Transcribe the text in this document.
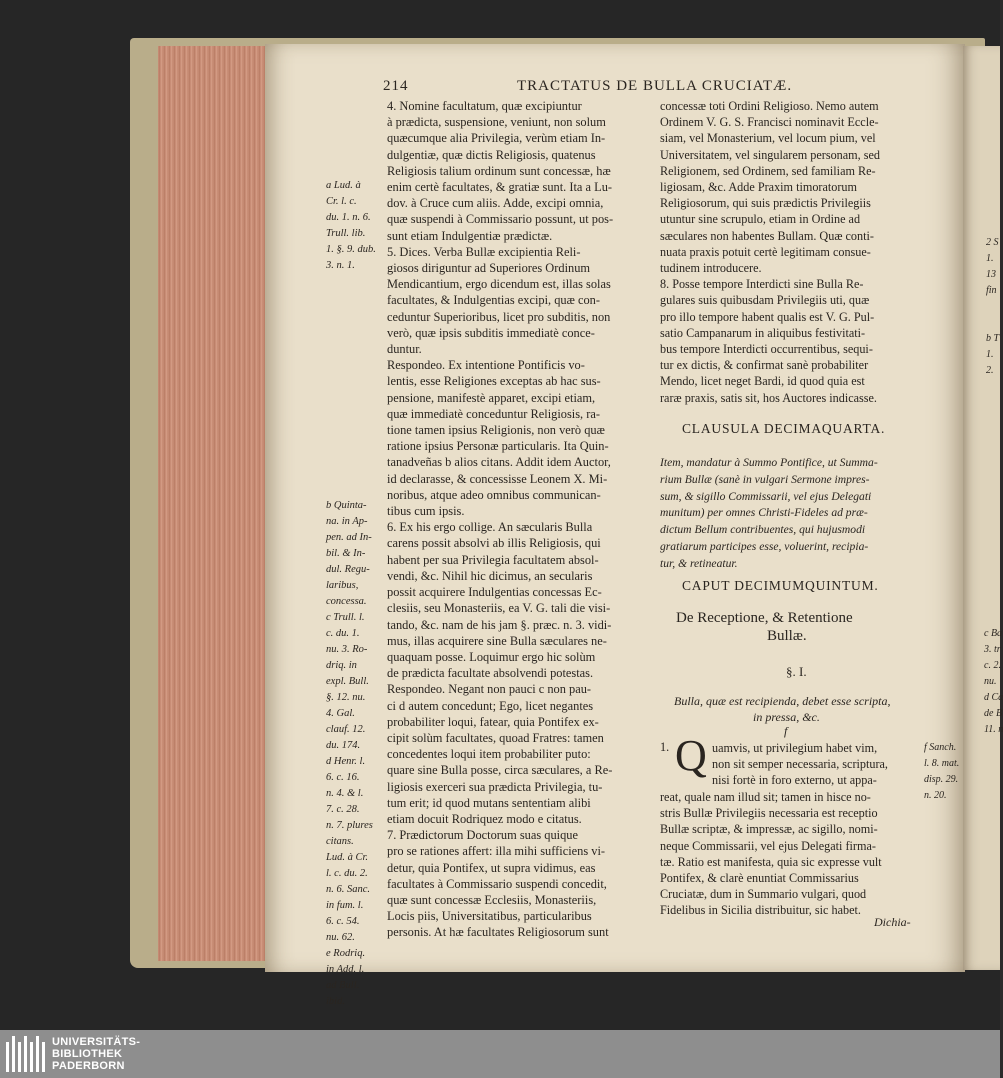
214	TRACTATUS DE BULLA CRUCIATÆ.
a Lud. à
Cr. l. c.
du. 1. n. 6.
Trull. lib.
1. §. 9. dub.
3. n. 1.
b Quinta-
na. in Ap-
pen. ad In-
bil. & In-
dul. Regu-
laribus,
concessa.
c Trull. l.
c. du. 1.
nu. 3. Ro-
driq. in
expl. Bull.
§. 12. nu.
4. Gal.
clauf. 12.
du. 174.
d Henr. l.
6. c. 16.
n. 4. & l.
7. c. 28.
n. 7. plures
citans.
Lud. à Cr.
l. c. du. 2.
n. 6. Sanc.
in fum. l.
6. c. 54.
nu. 62.
e Rodriq.
in Add. l.
ad Bull.
ibid.
4. Nomine facultatum, quæ excipiuntur
à prædicta, suspensione, veniunt, non solum
quæcumque alia Privilegia, verùm etiam In-
dulgentiæ, quæ dictis Religiosis, quatenus
Religiosis talium ordinum sunt concessæ, hæ
enim certè facultates, & gratiæ sunt. Ita a Lu-
dov. à Cruce cum aliis. Adde, excipi omnia,
quæ suspendi à Commissario possunt, ut pos-
sunt etiam Indulgentiæ prædictæ.
5. Dices. Verba Bullæ excipientia Reli-
giosos diriguntur ad Superiores Ordinum
Mendicantium, ergo dicendum est, illas solas
facultates, & Indulgentias excipi, quæ con-
ceduntur Superioribus, licet pro subditis, non
verò, quæ ipsis subditis immediatè conce-
duntur.
Respondeo. Ex intentione Pontificis vo-
lentis, esse Religiones exceptas ab hac sus-
pensione, manifestè apparet, excipi etiam,
quæ immediatè conceduntur Religiosis, ra-
tione tamen ipsius Religionis, non verò quæ
ratione ipsius Personæ particularis. Ita Quin-
tanadveñas b alios citans. Addit idem Auctor,
id declarasse, & concessisse Leonem X. Mi-
noribus, atque adeo omnibus communican-
tibus cum ipsis.
6. Ex his ergo collige. An sæcularis Bulla
carens possit absolvi ab illis Religiosis, qui
habent per sua Privilegia facultatem absol-
vendi, &c. Nihil hic dicimus, an secularis
possit acquirere Indulgentias concessas Ec-
clesiis, seu Monasteriis, ea V. G. tali die visi-
tando, &c. nam de his jam §. præc. n. 3. vidi-
mus, illas acquirere sine Bulla sæculares ne-
quaquam posse. Loquimur ergo hic solùm
de prædicta facultate absolvendi potestas.
Respondeo. Negant non pauci c non pau-
ci d autem concedunt; Ego, licet negantes
probabiliter loqui, fatear, quia Pontifex ex-
cipit solùm facultates, quoad Fratres: tamen
concedentes loqui item probabiliter puto:
quare sine Bulla posse, circa sæculares, a Re-
ligiosis exerceri sua prædicta Privilegia, tu-
tum erit; id quod mutans sententiam alibi
etiam docuit Rodriquez modo e citatus.
7. Prædictorum Doctorum suas quique
pro se rationes affert: illa mihi sufficiens vi-
detur, quia Pontifex, ut supra vidimus, eas
facultates à Commissario suspendi concedit,
quæ sunt concessæ Ecclesiis, Monasteriis,
Locis piis, Universitatibus, particularibus
personis. At hæ facultates Religiosorum sunt
concessæ toti Ordini Religioso. Nemo autem
Ordinem V. G. S. Francisci nominavit Eccle-
siam, vel Monasterium, vel locum pium, vel
Universitatem, vel singularem personam, sed
Religionem, sed Ordinem, sed familiam Re-
ligiosam, &c. Adde Praxim timoratorum
Religiosorum, qui suis prædictis Privilegiis
utuntur sine scrupulo, etiam in Ordine ad
sæculares non habentes Bullam. Quæ conti-
nuata praxis potuit certè legitimam consue-
tudinem introducere.
8. Posse tempore Interdicti sine Bulla Re-
gulares suis quibusdam Privilegiis uti, quæ
pro illo tempore habent qualis est V. G. Pul-
satio Campanarum in aliquibus festivitati-
bus tempore Interdicti occurrentibus, sequi-
tur ex dictis, & confirmat sanè probabiliter
Mendo, licet neget Bardi, id quod quia est
raræ praxis, satis sit, hos Auctores indicasse.
CLAUSULA DECIMAQUARTA.
Item, mandatur à Summo Pontifice, ut Summa-
rium Bullæ (sanè in vulgari Sermone impres-
sum, & sigillo Commissarii, vel ejus Delegati
munitum) per omnes Christi-Fideles ad præ-
dictum Bellum contribuentes, qui hujusmodi
gratiarum participes esse, voluerint, recipia-
tur, & retineatur.
CAPUT DECIMUMQUINTUM.
De Receptione, & Retentione
Bullæ.
§. I.
Bulla, quæ est recipienda, debet esse scripta,
in pressa, &c.
f
1. Q uamvis, ut privilegium habet vim,
non sit semper necessaria, scriptura,
nisi fortè in foro externo, ut appa-
reat, quale nam illud sit; tamen in hisce no-
stris Bullæ Privilegiis necessaria est receptio
Bullæ scriptæ, & impressæ, ac sigillo, nomi-
neque Commissarii, vel ejus Delegati firma-
tæ. Ratio est manifesta, quia sic expresse vult
Pontifex, & clarè enuntiat Commissarius
Cruciatæ, dum in Summario vulgari, quod
Fidelibus in Sicilia distribuitur, sic habet.
Dichia-
f Sanch.
l. 8. mat.
disp. 29.
n. 20.
2 S
1.
13
fin
b T
1.
2.
c Ba
3. tr
c. 2.
nu.
d Ca
de B
11. n
UNIVERSITÄTS-
BIBLIOTHEK
PADERBORN
